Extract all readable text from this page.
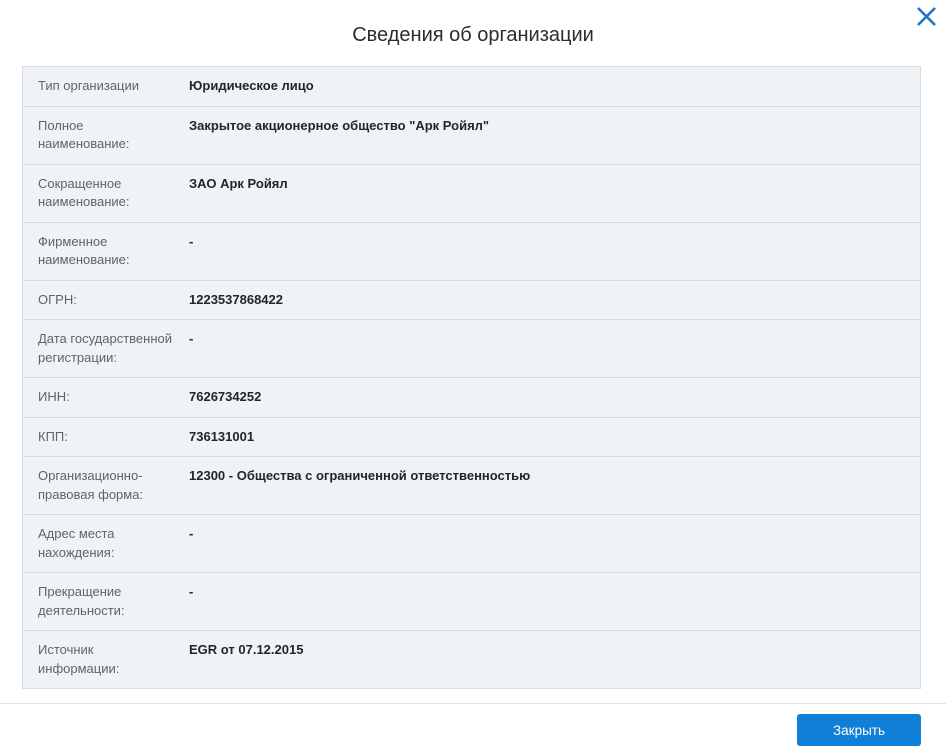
Сведения об организации
Тип организации	Юридическое лицо
Полное наименование:
Закрытое акционерное общество "Арк Ройял"
Сокращенное наименование:
ЗАО Арк Ройял
Фирменное наименование:
-
ОГРН:	1223537868422
Дата государственной регистрации:
-
ИНН:	7626734252
КПП:	736131001
Организационно-правовая форма:
12300 - Общества с ограниченной ответственностью
Адрес места нахождения:
-
Прекращение деятельности:
-
Источник информации:
EGR от 07.12.2015
Закрыть
